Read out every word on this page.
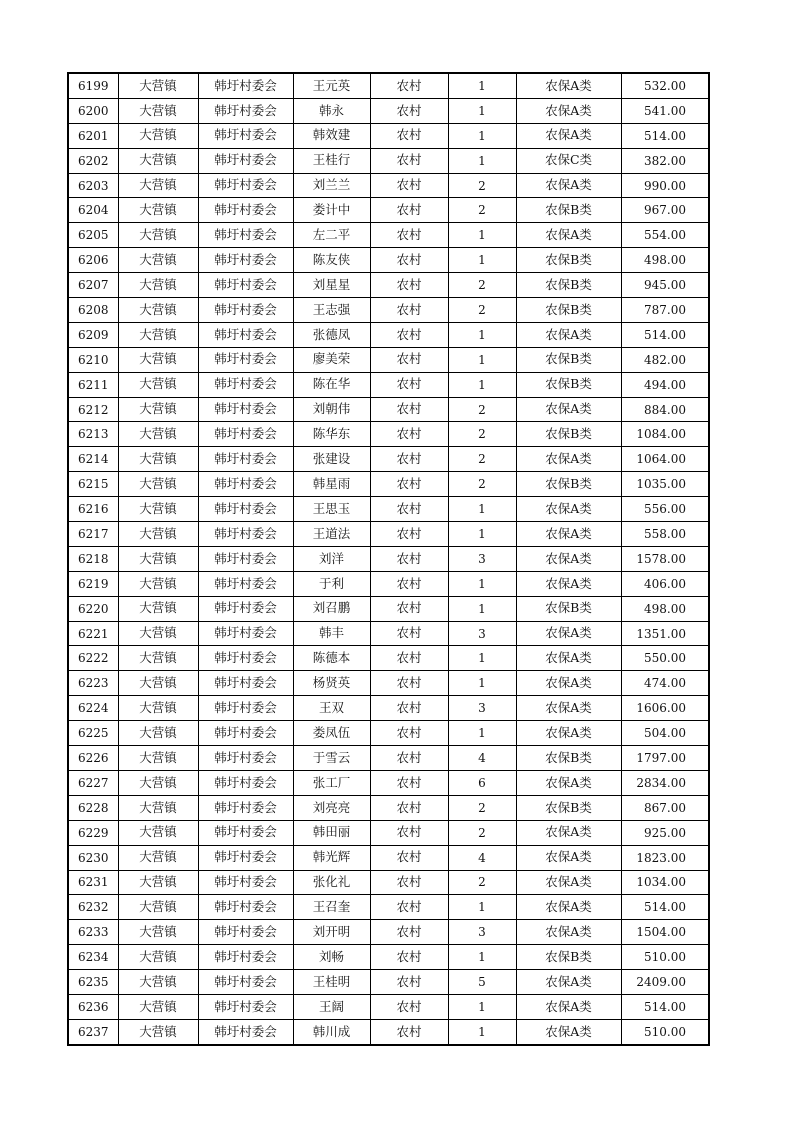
6199	大营镇	韩圩村委会	王元英	农村	1	农保A类	532.00
6200	大营镇	韩圩村委会	韩永	农村	1	农保A类	541.00
6201	大营镇	韩圩村委会	韩效建	农村	1	农保A类	514.00
6202	大营镇	韩圩村委会	王桂行	农村	1	农保C类	382.00
6203	大营镇	韩圩村委会	刘兰兰	农村	2	农保A类	990.00
6204	大营镇	韩圩村委会	娄计中	农村	2	农保B类	967.00
6205	大营镇	韩圩村委会	左二平	农村	1	农保A类	554.00
6206	大营镇	韩圩村委会	陈友侠	农村	1	农保B类	498.00
6207	大营镇	韩圩村委会	刘星星	农村	2	农保B类	945.00
6208	大营镇	韩圩村委会	王志强	农村	2	农保B类	787.00
6209	大营镇	韩圩村委会	张德凤	农村	1	农保A类	514.00
6210	大营镇	韩圩村委会	廖美荣	农村	1	农保B类	482.00
6211	大营镇	韩圩村委会	陈在华	农村	1	农保B类	494.00
6212	大营镇	韩圩村委会	刘朝伟	农村	2	农保A类	884.00
6213	大营镇	韩圩村委会	陈华东	农村	2	农保B类	1084.00
6214	大营镇	韩圩村委会	张建设	农村	2	农保A类	1064.00
6215	大营镇	韩圩村委会	韩星雨	农村	2	农保B类	1035.00
6216	大营镇	韩圩村委会	王思玉	农村	1	农保A类	556.00
6217	大营镇	韩圩村委会	王道法	农村	1	农保A类	558.00
6218	大营镇	韩圩村委会	刘洋	农村	3	农保A类	1578.00
6219	大营镇	韩圩村委会	于利	农村	1	农保A类	406.00
6220	大营镇	韩圩村委会	刘召鹏	农村	1	农保B类	498.00
6221	大营镇	韩圩村委会	韩丰	农村	3	农保A类	1351.00
6222	大营镇	韩圩村委会	陈德本	农村	1	农保A类	550.00
6223	大营镇	韩圩村委会	杨贤英	农村	1	农保A类	474.00
6224	大营镇	韩圩村委会	王双	农村	3	农保A类	1606.00
6225	大营镇	韩圩村委会	娄凤伍	农村	1	农保A类	504.00
6226	大营镇	韩圩村委会	于雪云	农村	4	农保B类	1797.00
6227	大营镇	韩圩村委会	张工厂	农村	6	农保A类	2834.00
6228	大营镇	韩圩村委会	刘亮亮	农村	2	农保B类	867.00
6229	大营镇	韩圩村委会	韩田丽	农村	2	农保A类	925.00
6230	大营镇	韩圩村委会	韩光辉	农村	4	农保A类	1823.00
6231	大营镇	韩圩村委会	张化礼	农村	2	农保A类	1034.00
6232	大营镇	韩圩村委会	王召奎	农村	1	农保A类	514.00
6233	大营镇	韩圩村委会	刘开明	农村	3	农保A类	1504.00
6234	大营镇	韩圩村委会	刘畅	农村	1	农保B类	510.00
6235	大营镇	韩圩村委会	王桂明	农村	5	农保A类	2409.00
6236	大营镇	韩圩村委会	王阔	农村	1	农保A类	514.00
6237	大营镇	韩圩村委会	韩川成	农村	1	农保A类	510.00
